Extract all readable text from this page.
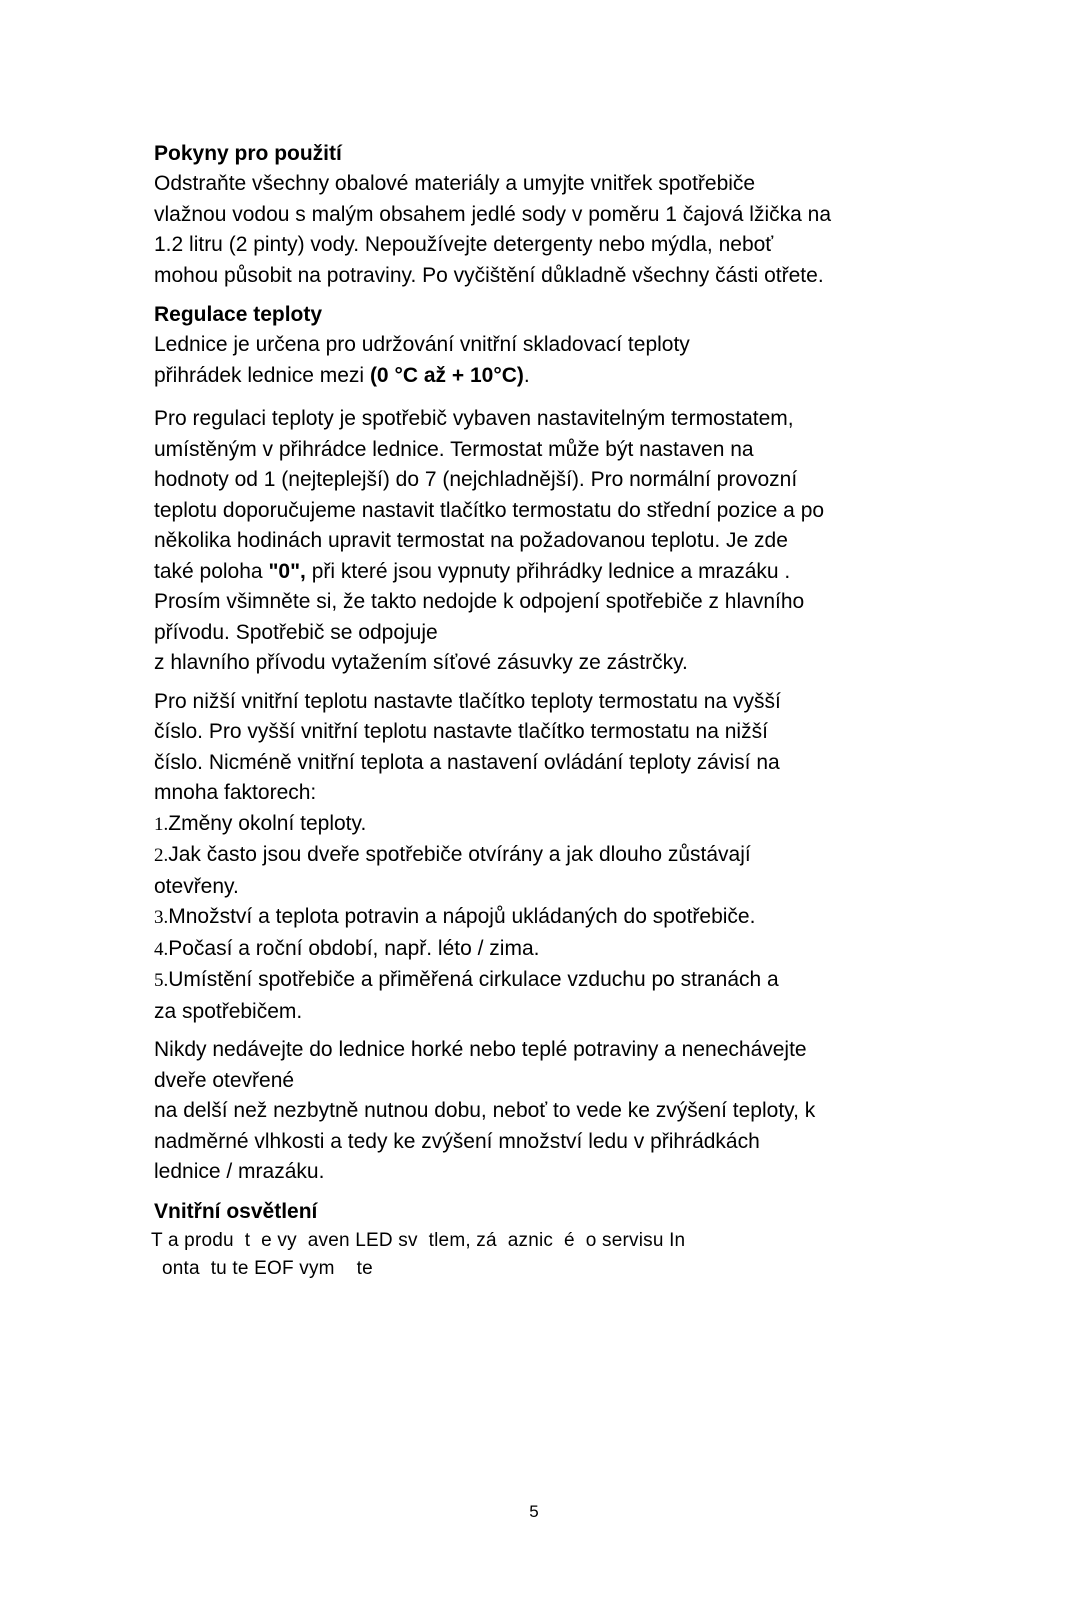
Pokyny pro použití

Odstraňte všechny obalové materiály a umyjte vnitřek spotřebiče

vlažnou vodou s malým obsahem jedlé sody v poměru 1 čajová lžička na

1.2 litru (2 pinty) vody. Nepoužívejte detergenty nebo mýdla, neboť

mohou působit na potraviny. Po vyčištění důkladně všechny části otřete.

Regulace teploty

Lednice je určena pro udržování vnitřní skladovací teploty

přihrádek lednice mezi (0 °C až + 10°C).

Pro regulaci teploty je spotřebič vybaven nastavitelným termostatem,

umístěným v přihrádce lednice. Termostat může být nastaven na

hodnoty od 1 (nejteplejší) do 7 (nejchladnější). Pro normální provozní

teplotu doporučujeme nastavit tlačítko termostatu do střední pozice a po

několika hodinách upravit termostat na požadovanou teplotu. Je zde

také poloha "0", při které jsou vypnuty přihrádky lednice a mrazáku .

Prosím všimněte si, že takto nedojde k odpojení spotřebiče z hlavního

přívodu. Spotřebič se odpojuje

z hlavního přívodu vytažením síťové zásuvky ze zástrčky.

Pro nižší vnitřní teplotu nastavte tlačítko teploty termostatu na vyšší

číslo. Pro vyšší vnitřní teplotu nastavte tlačítko termostatu na nižší

číslo. Nicméně vnitřní teplota a nastavení ovládání teploty závisí na

mnoha faktorech:

1.Změny okolní teploty.

2.Jak často jsou dveře spotřebiče otvírány a jak dlouho zůstávají

otevřeny.

3.Množství a teplota potravin a nápojů ukládaných do spotřebiče.

4.Počasí a roční období, např. léto / zima.

5.Umístění spotřebiče a přiměřená cirkulace vzduchu po stranách a

za spotřebičem.

Nikdy nedávejte do lednice horké nebo teplé potraviny a nenechávejte

dveře otevřené

na delší než nezbytně nutnou dobu, neboť to vede ke zvýšení teploty, k

nadměrné vlhkosti a tedy ke zvýšení množství ledu v přihrádkách

lednice / mrazáku.

Vnitřní osvětlení

T a produ  t  e vy  aven LED sv  tlem, zá  aznic  é  o servisu In

onta  tu te EOF vym    te

5
